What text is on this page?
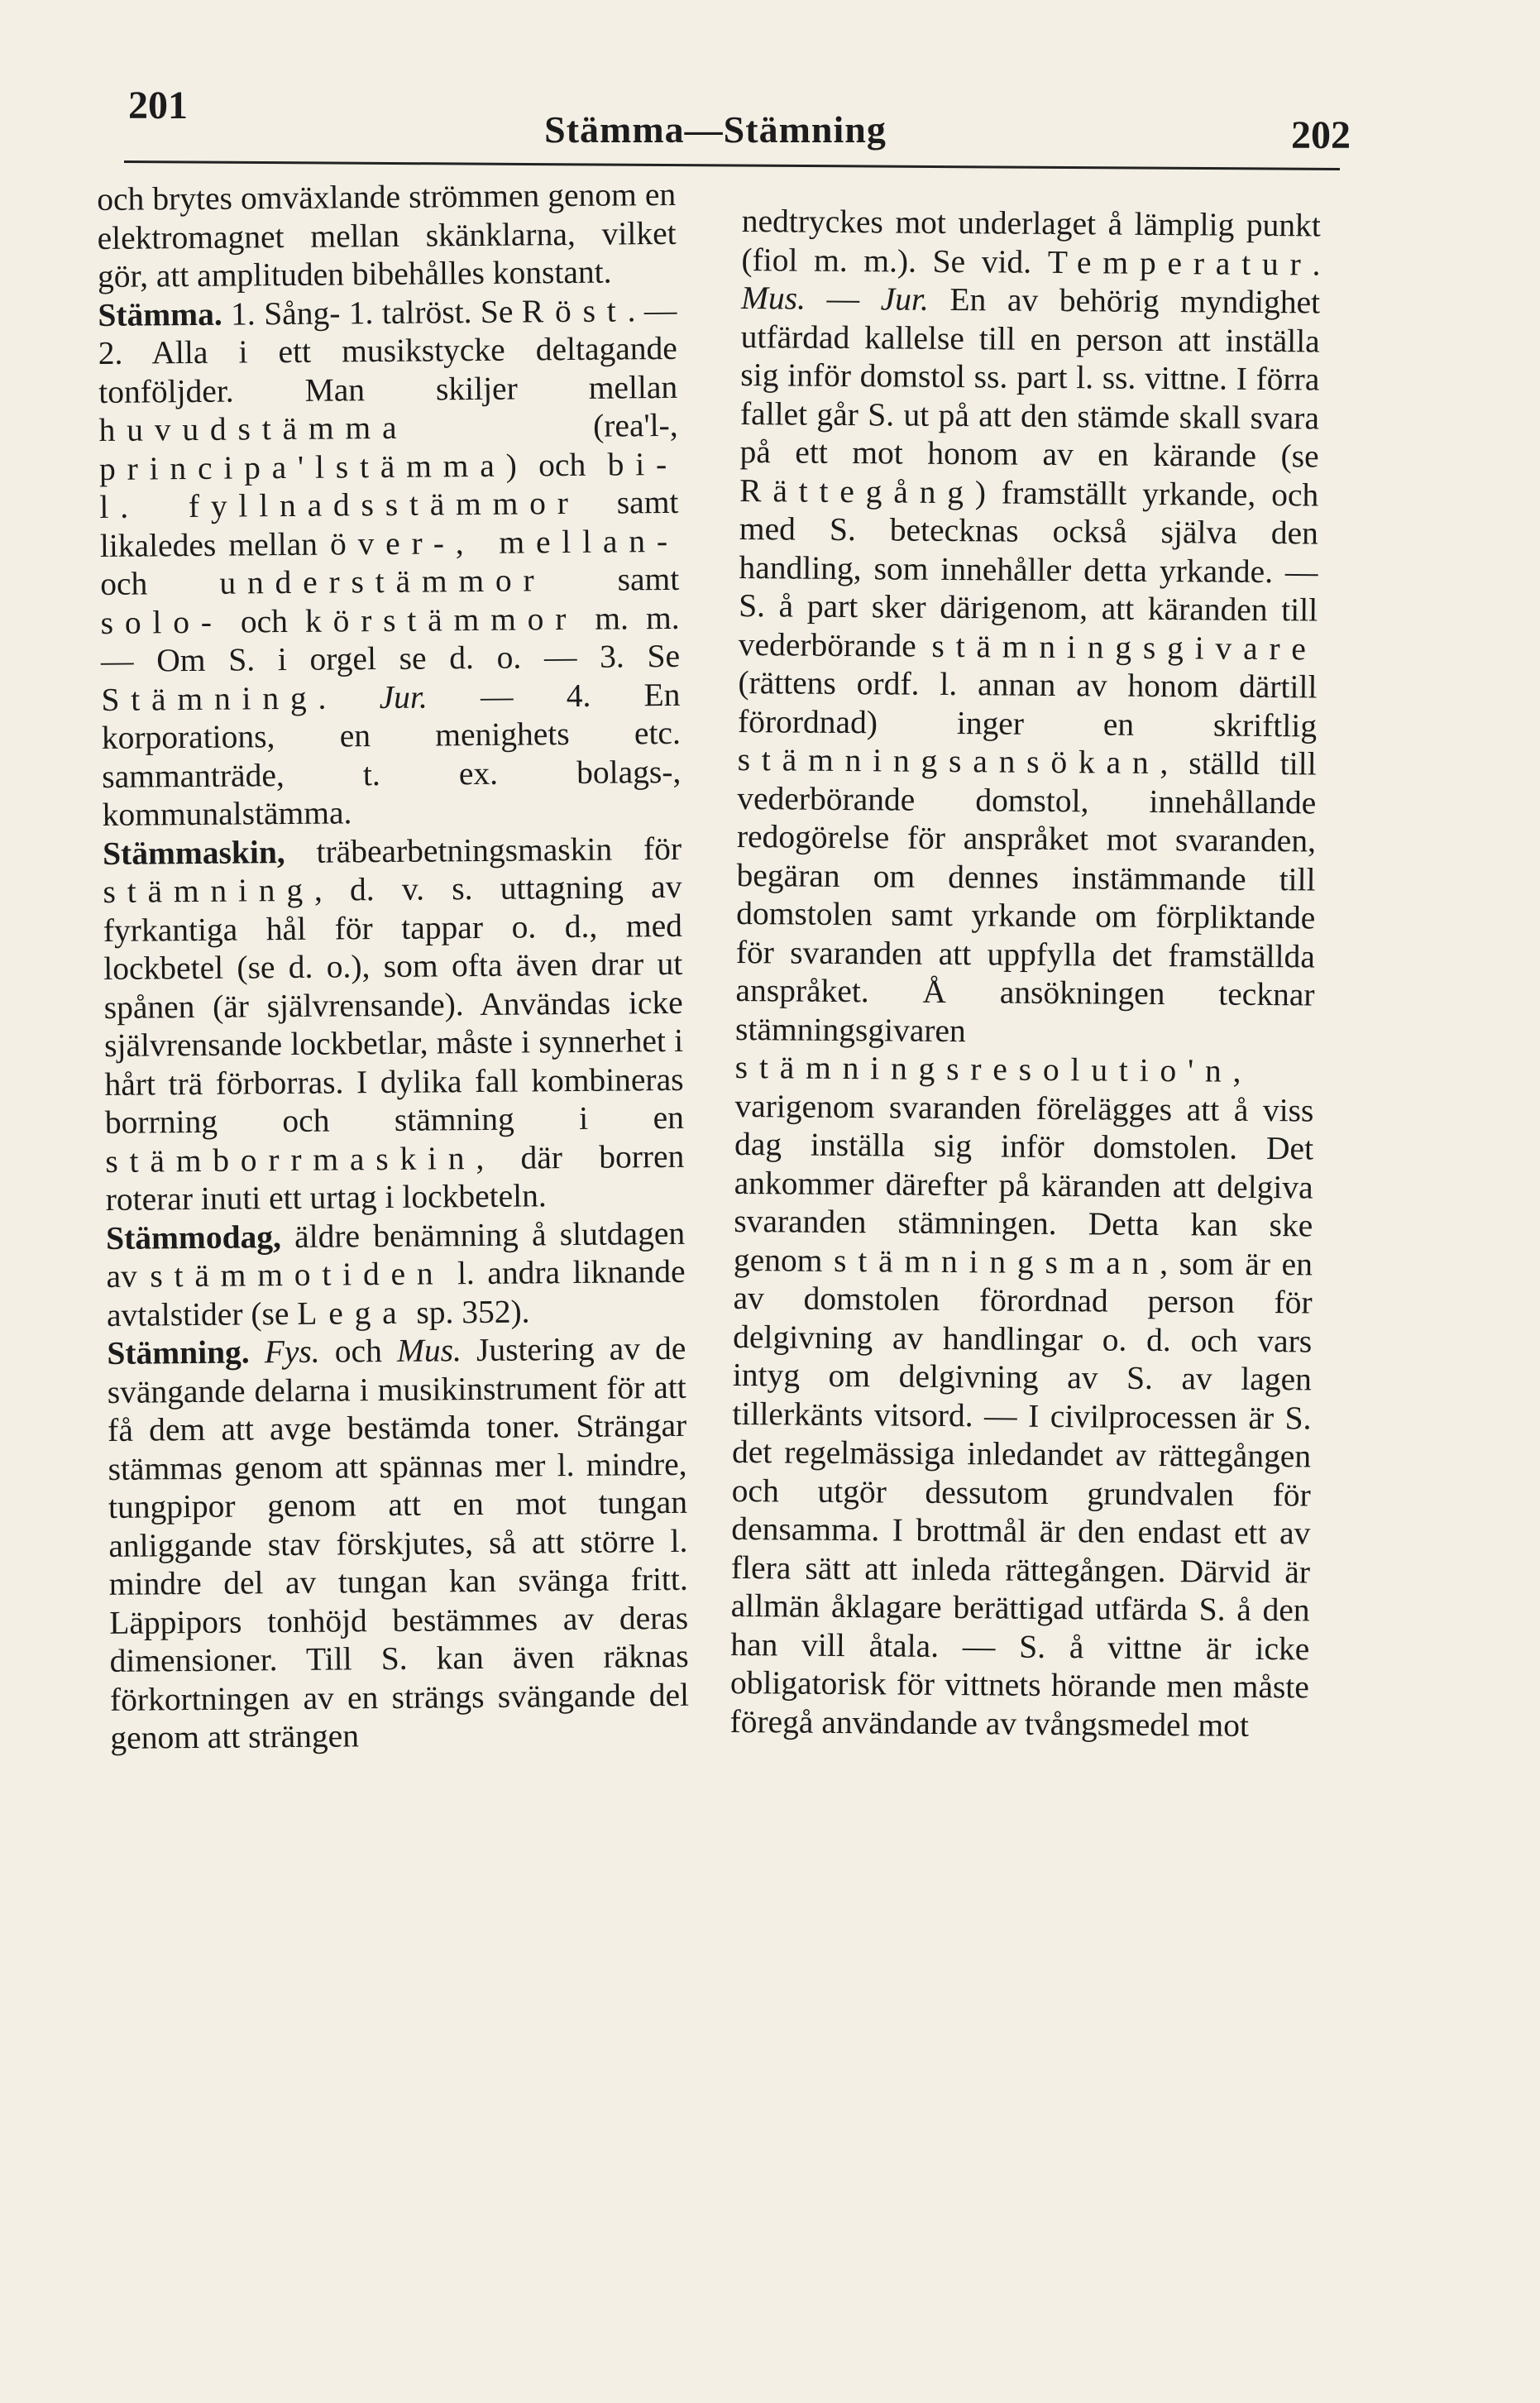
201
Stämma—Stämning	202

och brytes omväxlande strömmen genom en elektromagnet mellan skänklarna, vilket gör, att amplituden bibehålles konstant.

Stämma. 1. Sång- 1. talröst. Se Röst. — 2. Alla i ett musikstycke deltagande tonföljder. Man skiljer mellan huvudstämma (rea'l-, principa'lstämma) och bi- l. fyllnadsstämmor samt likaledes mellan över-, mellan- och understämmor samt solo- och körstämmor m. m. — Om S. i orgel se d. o. — 3. Se Stämning. Jur. — 4. En korporations, en menighets etc. sammanträde, t. ex. bolags-, kommunalstämma.

Stämmaskin, träbearbetningsmaskin för stämning, d. v. s. uttagning av fyrkantiga hål för tappar o. d., med lockbetel (se d. o.), som ofta även drar ut spånen (är självrensande). Användas icke självrensande lockbetlar, måste i synnerhet i hårt trä förborras. I dylika fall kombineras borrning och stämning i en stämborrmaskin, där borren roterar inuti ett urtag i lockbeteln.

Stämmodag, äldre benämning å slutdagen av stämmotiden l. andra liknande avtalstider (se Lega sp. 352).

Stämning. Fys. och Mus. Justering av de svängande delarna i musikinstrument för att få dem att avge bestämda toner. Strängar stämmas genom att spännas mer l. mindre, tungpipor genom att en mot tungan anliggande stav förskjutes, så att större l. mindre del av tungan kan svänga fritt. Läppipors tonhöjd bestämmes av deras dimensioner. Till S. kan även räknas förkortningen av en strängs svängande del genom att strängen

nedtryckes mot underlaget å lämplig punkt (fiol m. m.). Se vid. Temperatur. Mus. — Jur. En av behörig myndighet utfärdad kallelse till en person att inställa sig inför domstol ss. part l. ss. vittne. I förra fallet går S. ut på att den stämde skall svara på ett mot honom av en kärande (se Rättegång) framställt yrkande, och med S. betecknas också själva den handling, som innehåller detta yrkande. — S. å part sker därigenom, att käranden till vederbörande stämningsgivare (rättens ordf. l. annan av honom därtill förordnad) inger en skriftlig stämningsansökan, ställd till vederbörande domstol, innehållande redogörelse för anspråket mot svaranden, begäran om dennes instämmande till domstolen samt yrkande om förpliktande för svaranden att uppfylla det framställda anspråket. Å ansökningen tecknar stämningsgivaren stämningsresolutio'n, varigenom svaranden föreläggеs att å viss dag inställa sig inför domstolen. Det ankommer därefter på käranden att delgiva svaranden stämningen. Detta kan ske genom stämningsman, som är en av domstolen förordnad person för delgivning av handlingar o. d. och vars intyg om delgivning av S. av lagen tillerkänts vitsord. — I civilprocessen är S. det regelmässiga inledandet av rättegången och utgör dessutom grundvalen för densamma. I brottmål är den endast ett av flera sätt att inleda rättegången. Därvid är allmän åklagare berättigad utfärda S. å den han vill åtala. — S. å vittne är icke obligatorisk för vittnets hörande men måste föregå användande av tvångsmedel mot
